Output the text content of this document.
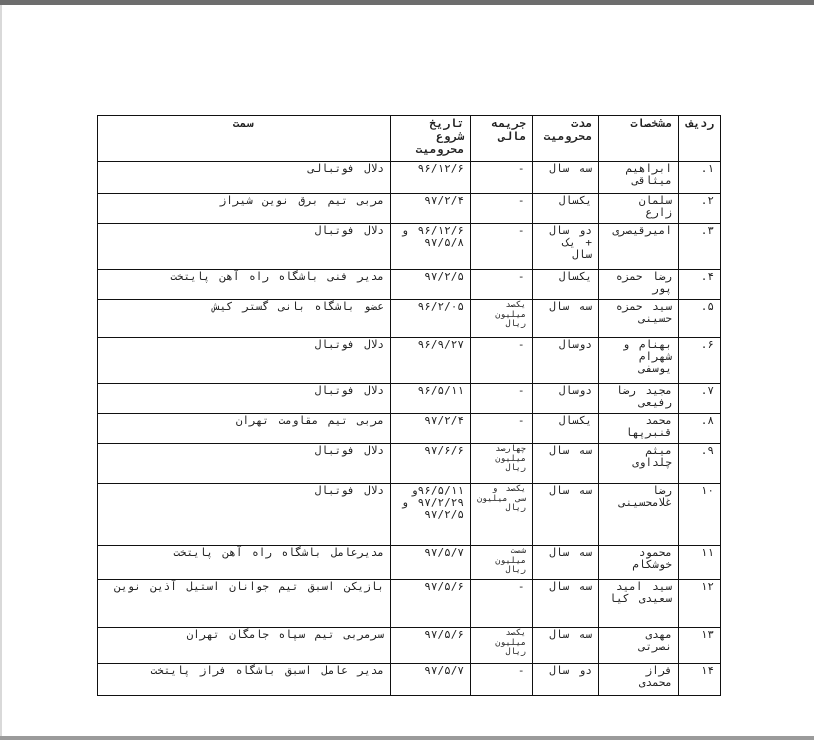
ردیف	مشخصات	مدت محرومیت	جریمه مالی	تاریخ شروع محرومیت	سمت
۱.	ابراهیم میثاقی	سه سال	-	۹۶/۱۲/۶	دلال فوتبالی
۲.	سلمان زارع	یکسال	-	۹۷/۲/۴	مربی تیم برق نوین شیراز
۳.	امیرقیصری	دو سال + یک سال	-	۹۶/۱۲/۶ و ۹۷/۵/۸	دلال فوتبال
۴.	رضا حمزه پور	یکسال	-	۹۷/۲/۵	مدیر فنی باشگاه راه آهن پایتخت
۵.	سید حمزه حسینی	سه سال	یکصد میلیون ریال	۹۶/۲/۰۵	عضو باشگاه بانی گستر کیش
۶.	بهنام و شهرام یوسفی	دوسال	-	۹۶/۹/۲۷	دلال فوتبال
۷.	مجید رضا رفیعی	دوسال	-	۹۶/۵/۱۱	دلال فوتبال
۸.	محمد قنبرپها	یکسال	-	۹۷/۲/۴	مربی تیم مقاومت تهران
۹.	میثم چلداوی	سه سال	چهارصد میلیون ریال	۹۷/۶/۶	دلال فوتبال
۱۰	رضا غلامحسینی	سه سال	یکصد و سی میلیون ریال	۹۶/۵/۱۱و ۹۷/۲/۲۹ و ۹۷/۲/۵	دلال فوتبال
۱۱	محمود خوشکام	سه سال	شصت میلیون ریال	۹۷/۵/۷	مدیرعامل باشگاه راه آهن پایتخت
۱۲	سید امید سعیدی کیا	سه سال	-	۹۷/۵/۶	بازیکن اسبق تیم جوانان استیل آذین نوین
۱۳	مهدی نصرتی	سه سال	یکصد میلیون ریال	۹۷/۵/۶	سرمربی تیم سپاه جامگان تهران
۱۴	فراز محمدی	دو سال	-	۹۷/۵/۷	مدیر عامل اسبق باشگاه فراز پایتخت
